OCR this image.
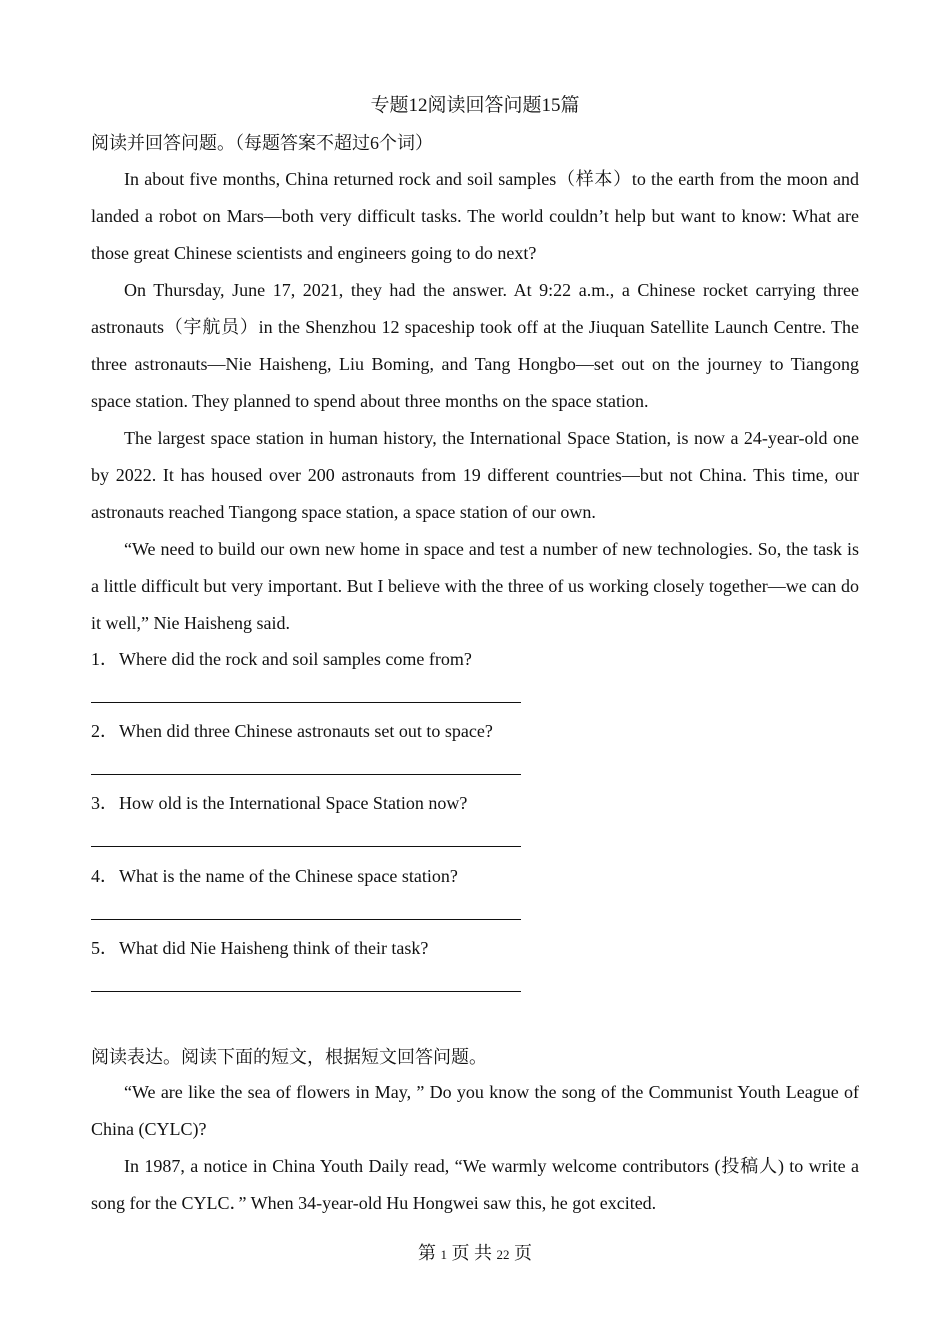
专题12阅读回答问题15篇
阅读并回答问题。（每题答案不超过6个词）

In about five months, China returned rock and soil samples（样本）to the earth from the moon and landed a robot on Mars—both very difficult tasks. The world couldn’t help but want to know: What are those great Chinese scientists and engineers going to do next?

On Thursday, June 17, 2021, they had the answer. At 9:22 a.m., a Chinese rocket carrying three astronauts（宇航员）in the Shenzhou 12 spaceship took off at the Jiuquan Satellite Launch Centre. The three astronauts—Nie Haisheng, Liu Boming, and Tang Hongbo—set out on the journey to Tiangong space station. They planned to spend about three months on the space station.

The largest space station in human history, the International Space Station, is now a 24-year-old one by 2022. It has housed over 200 astronauts from 19 different countries—but not China. This time, our astronauts reached Tiangong space station, a space station of our own.

“We need to build our own new home in space and test a number of new technologies. So, the task is a little difficult but very important. But I believe with the three of us working closely together—we can do it well,” Nie Haisheng said.

1．Where did the rock and soil samples come from?

2．When did three Chinese astronauts set out to space?

3．How old is the International Space Station now?

4．What is the name of the Chinese space station?

5．What did Nie Haisheng think of their task?

阅读表达。阅读下面的短文，根据短文回答问题。

“We are like the sea of flowers in May, ” Do you know the song of the Communist Youth League of China (CYLC)?

In 1987, a notice in China Youth Daily read, “We warmly welcome contributors (投稿人) to write a song for the CYLC．” When 34-year-old Hu Hongwei saw this, he got excited.

第 1 页 共 22 页
